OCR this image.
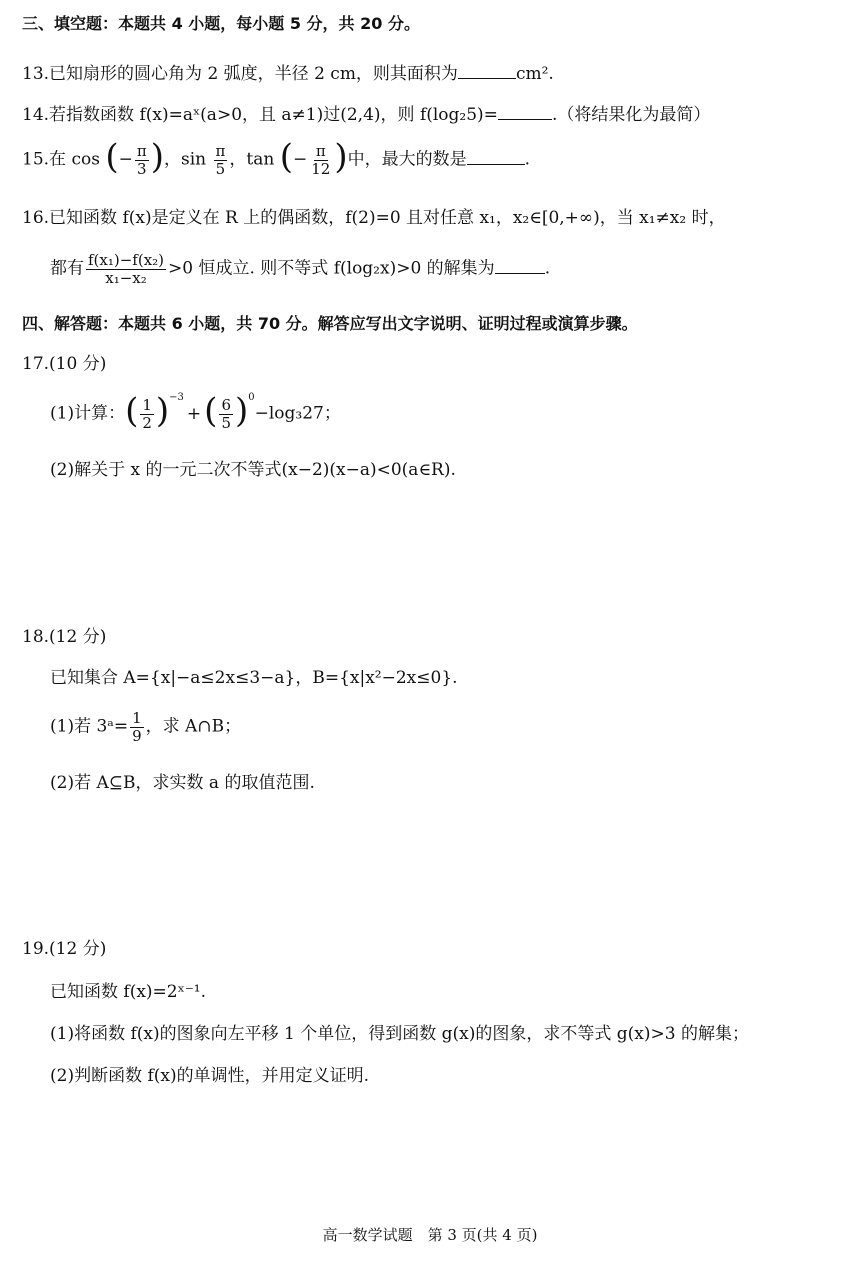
三、填空题：本题共 4 小题，每小题 5 分，共 20 分。
13.已知扇形的圆心角为 2 弧度，半径 2 cm，则其面积为	cm².
14.若指数函数 f(x)=aˣ(a>0，且 a≠1)过(2,4)，则 f(log₂5)=	.（将结果化为最简）
15.在 cos (− $\frac{\pi}{3}$ )，$\sin \frac{\pi}{5}$ ，tan (− $\frac{\pi}{12}$ )中，最大的数是	.
16.已知函数 f(x)是定义在 R 上的偶函数，f(2)=0 且对任意 x₁，x₂∈[0,+∞)，当 x₁≠x₂ 时，
都有 $\frac{\text{f(x₁)−f(x₂)}}{\text{x₁−x₂}} >0$ 恒成立. 则不等式 f(log₂x)>0 的解集为	.
四、解答题：本题共 6 小题，共 70 分。解答应写出文字说明、证明过程或演算步骤。
17.(10 分)
(1)计算：( $\frac{1}{2} )^{-3}+( \frac{6}{5} )^0-\log_327$；
(2)解关于 x 的一元二次不等式(x−2)(x−a)<0(a∈R).
18.(12 分)
已知集合 A={x|−a≤2x≤3−a}，B={x|x²−2x≤0}.
(1)若 3ᵃ= $\frac{1}{9}$ ，求 A∩B；
(2)若 A⊆B，求实数 a 的取值范围.
19.(12 分)
已知函数 f(x)=2ˣ⁻¹.
(1)将函数 f(x)的图象向左平移 1 个单位，得到函数 g(x)的图象，求不等式 g(x)>3 的解集；
(2)判断函数 f(x)的单调性，并用定义证明.
高一数学试题　第 3 页(共 4 页)
